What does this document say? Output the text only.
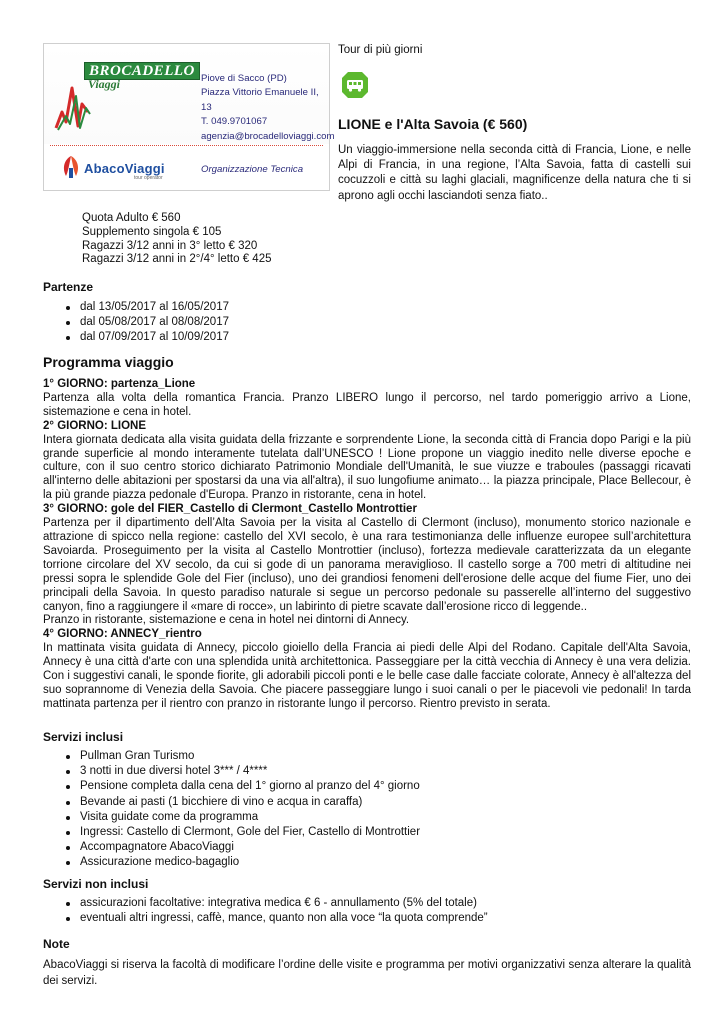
BROCADELLO
Viaggi	Piove di Sacco (PD)
Piazza Vittorio Emanuele II, 13
T. 049.9701067
agenzia@brocadelloviaggi.com
AbacoViaggi
tour operator
Organizzazione Tecnica
Tour di più giorni
LIONE e l'Alta Savoia (€ 560)
Un viaggio-immersione nella seconda città di Francia, Lione, e nelle Alpi di Francia, in una regione, l’Alta Savoia, fatta di castelli sui cocuzzoli e città su laghi glaciali, magnificenze della natura che ti si aprono agli occhi lasciandoti senza fiato..
Quota Adulto € 560
Supplemento singola € 105
Ragazzi 3/12 anni in 3° letto € 320
Ragazzi 3/12 anni in 2°/4° letto € 425
Partenze
dal 13/05/2017 al 16/05/2017
dal 05/08/2017 al 08/08/2017
dal 07/09/2017 al 10/09/2017
Programma viaggio
1° GIORNO: partenza_Lione
Partenza alla volta della romantica Francia. Pranzo LIBERO lungo il percorso, nel tardo pomeriggio arrivo a Lione, sistemazione e cena in hotel.
2° GIORNO: LIONE
Intera giornata dedicata alla visita guidata della frizzante e sorprendente Lione, la seconda città di Francia dopo Parigi e la più grande superficie al mondo interamente tutelata dall’UNESCO ! Lione propone un viaggio inedito nelle diverse epoche e culture, con il suo centro storico dichiarato Patrimonio Mondiale dell'Umanità, le sue viuzze e traboules (passaggi ricavati all'interno delle abitazioni per spostarsi da una via all'altra), il suo lungofiume animato… la piazza principale, Place Bellecour, è la più grande piazza pedonale d'Europa. Pranzo in ristorante, cena in hotel.
3° GIORNO: gole del FIER_Castello di Clermont_Castello Montrottier
Partenza per il dipartimento dell’Alta Savoia per la visita al Castello di Clermont (incluso), monumento storico nazionale e attrazione di spicco nella regione: castello del XVI secolo, è una rara testimonianza delle influenze europee sull’architettura Savoiarda. Proseguimento per la visita al Castello Montrottier (incluso), fortezza medievale caratterizzata da un elegante torrione circolare del XV secolo, da cui si gode di un panorama meraviglioso. Il castello sorge a 700 metri di altitudine nei pressi sopra le splendide Gole del Fier (incluso), uno dei grandiosi fenomeni dell'erosione delle acque del fiume Fier, uno dei principali della Savoia. In questo paradiso naturale si segue un percorso pedonale su passerelle all’interno del suggestivo canyon, fino a raggiungere il «mare di rocce», un labirinto di pietre scavate dall’erosione ricco di leggende..
Pranzo in ristorante, sistemazione e cena in hotel nei dintorni di Annecy.
4° GIORNO: ANNECY_rientro
In mattinata visita guidata di Annecy, piccolo gioiello della Francia ai piedi delle Alpi del Rodano. Capitale dell'Alta Savoia, Annecy è una città d'arte con una splendida unità architettonica. Passeggiare per la città vecchia di Annecy è una vera delizia. Con i suggestivi canali, le sponde fiorite, gli adorabili piccoli ponti e le belle case dalle facciate colorate, Annecy è all'altezza del suo soprannome di Venezia della Savoia. Che piacere passeggiare lungo i suoi canali o per le piacevoli vie pedonali! In tarda mattinata partenza per il rientro con pranzo in ristorante lungo il percorso. Rientro previsto in serata.
Servizi inclusi
Pullman Gran Turismo
3 notti in due diversi hotel 3*** / 4****
Pensione completa dalla cena del 1° giorno al pranzo del 4° giorno
Bevande ai pasti (1 bicchiere di vino e acqua in caraffa)
Visita guidate come da programma
Ingressi: Castello di Clermont, Gole del Fier, Castello di Montrottier
Accompagnatore AbacoViaggi
Assicurazione medico-bagaglio
Servizi non inclusi
assicurazioni facoltative: integrativa medica € 6 - annullamento (5% del totale)
eventuali altri ingressi, caffè, mance, quanto non alla voce “la quota comprende”
Note
AbacoViaggi si riserva la facoltà di modificare l’ordine delle visite e programma per motivi organizzativi senza alterare la qualità dei servizi.
